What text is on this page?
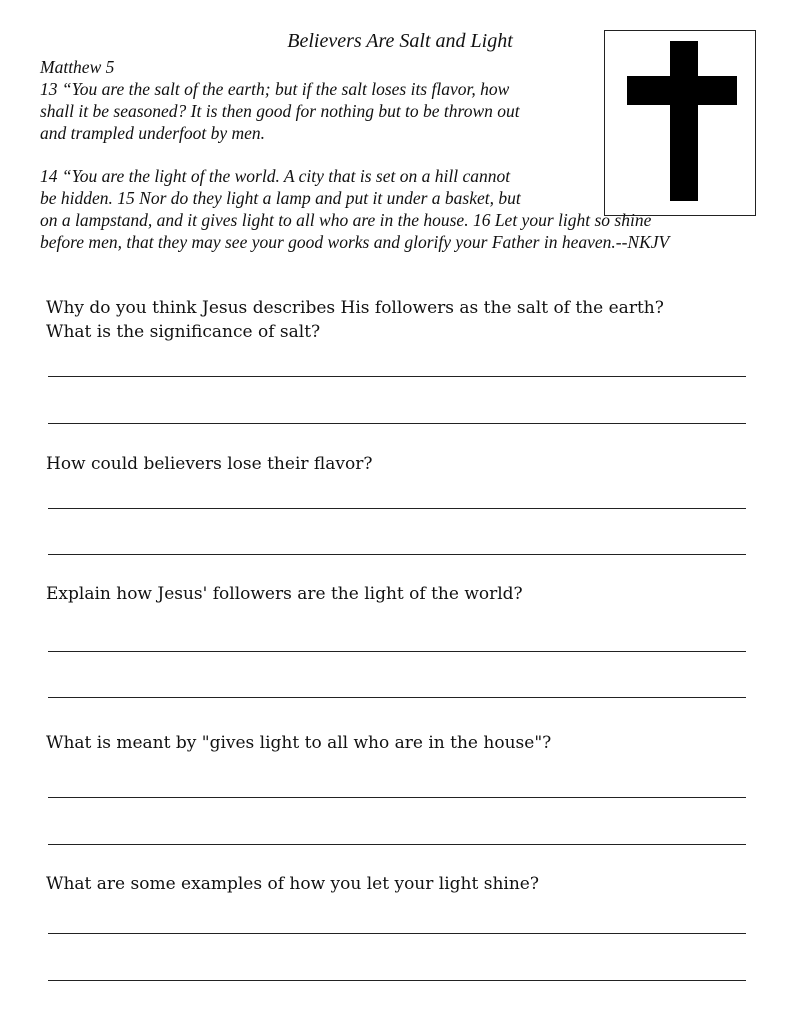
Believers Are Salt and Light

Matthew 5

13 “You are the salt of the earth; but if the salt loses its flavor, how

shall it be seasoned? It is then good for nothing but to be thrown out

and trampled underfoot by men.

14 “You are the light of the world. A city that is set on a hill cannot

be hidden. 15 Nor do they light a lamp and put it under a basket, but

on a lampstand, and it gives light to all who are in the house. 16 Let your light so shine

before men, that they may see your good works and glorify your Father in heaven.--NKJV

Why do you think Jesus describes His followers as the salt of the earth?
What is the significance of salt?
How could believers lose their flavor?
Explain how Jesus' followers are the light of the world?
What is meant by "gives light to all who are in the house"?
What are some examples of how you let your light shine?
